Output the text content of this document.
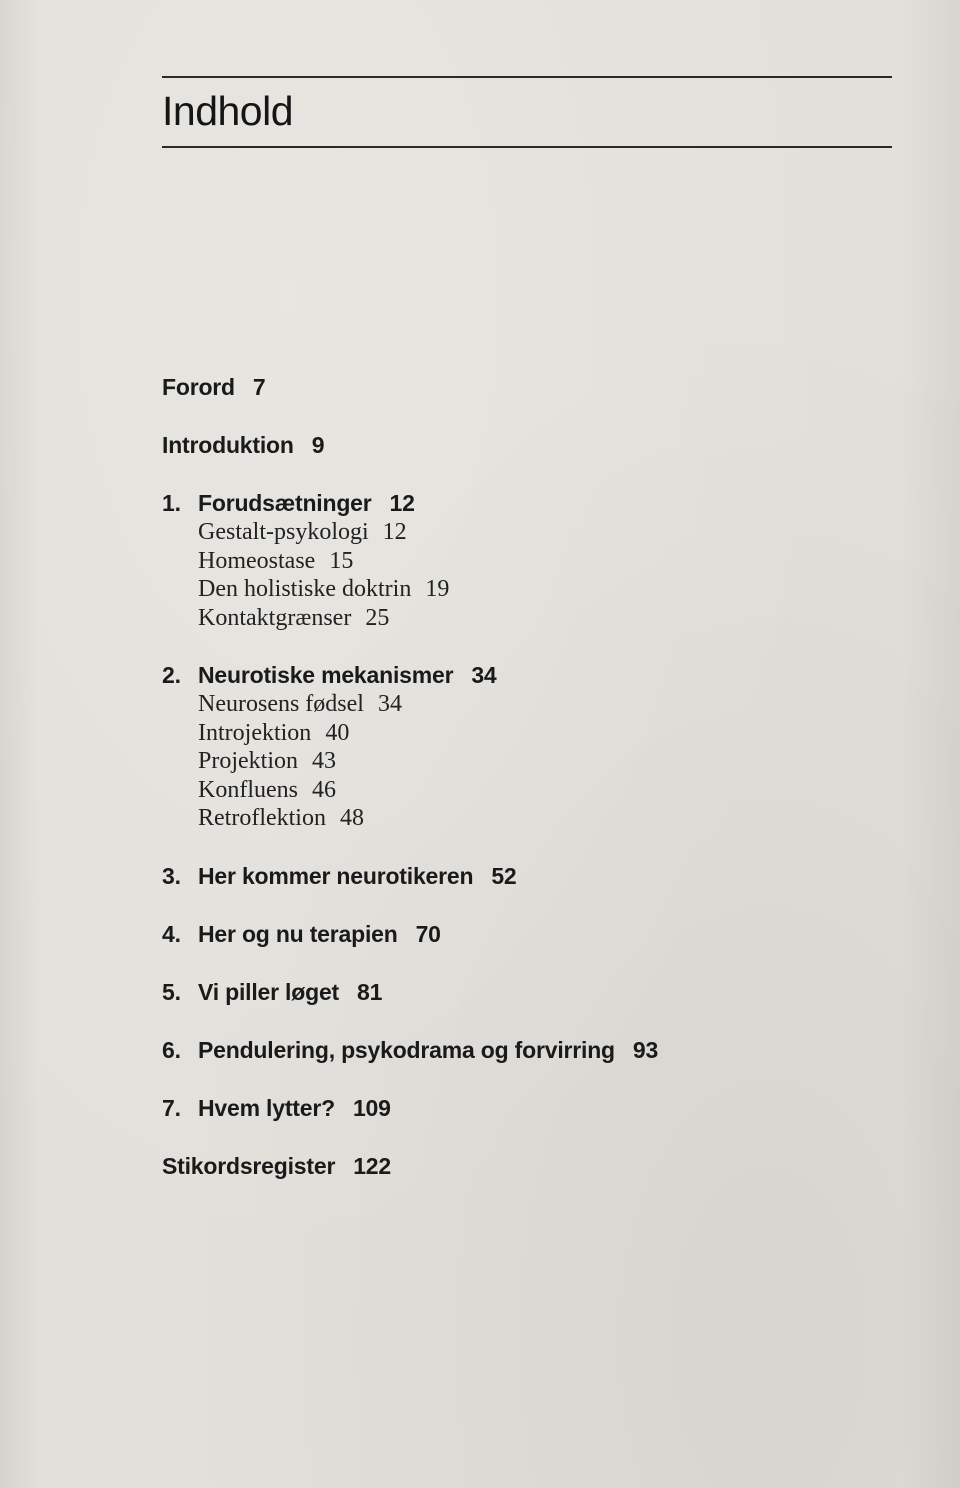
Indhold
Forord 7
Introduktion 9
1. Forudsætninger 12
Gestalt-psykologi 12
Homeostase 15
Den holistiske doktrin 19
Kontaktgrænser 25
2. Neurotiske mekanismer 34
Neurosens fødsel 34
Introjektion 40
Projektion 43
Konfluens 46
Retroflektion 48
3. Her kommer neurotikeren 52
4. Her og nu terapien 70
5. Vi piller løget 81
6. Pendulering, psykodrama og forvirring 93
7. Hvem lytter? 109
Stikordsregister 122
